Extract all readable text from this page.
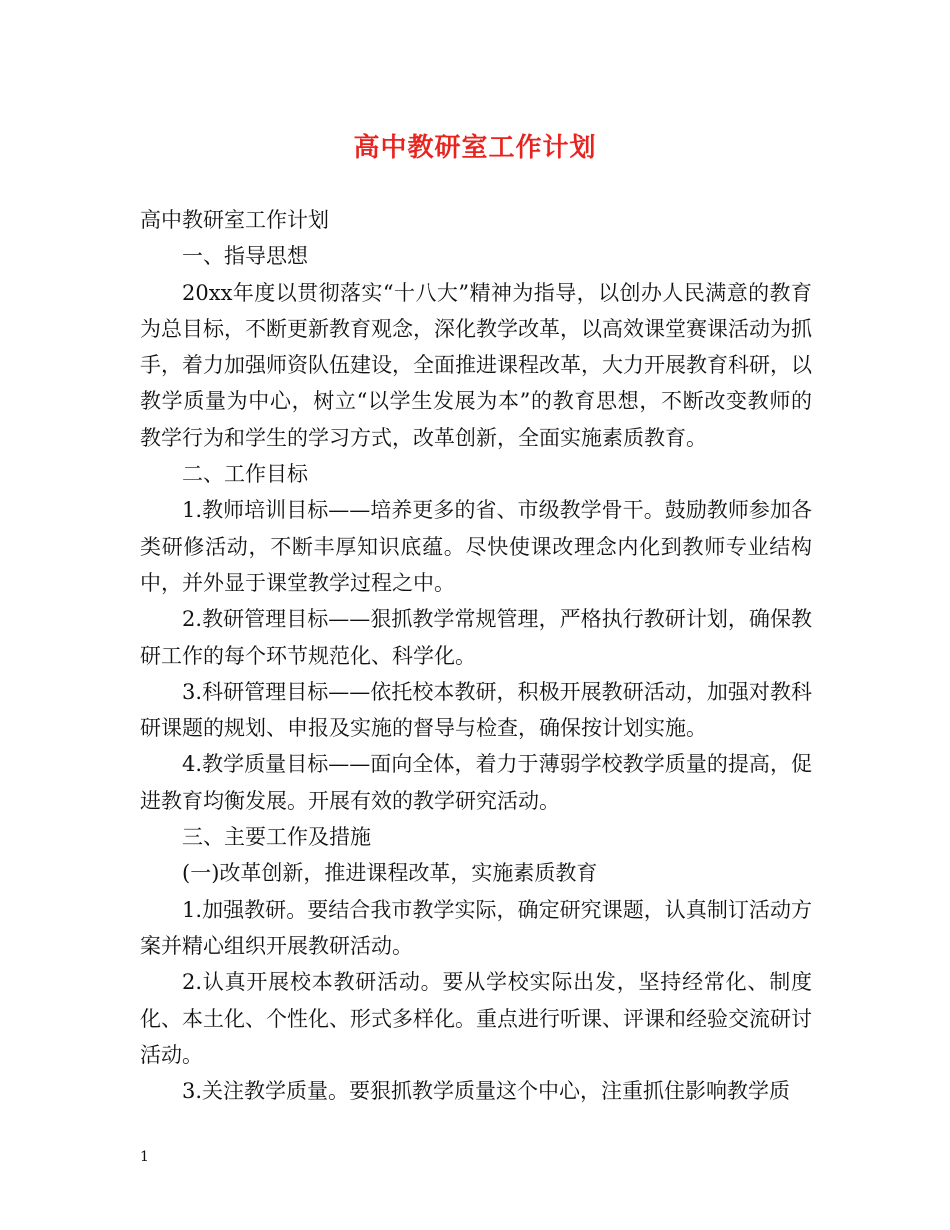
高中教研室工作计划

高中教研室工作计划

一、指导思想

20xx年度以贯彻落实“十八大”精神为指导，以创办人民满意的教育为总目标，不断更新教育观念，深化教学改革，以高效课堂赛课活动为抓手，着力加强师资队伍建设，全面推进课程改革，大力开展教育科研，以教学质量为中心，树立“以学生发展为本”的教育思想，不断改变教师的教学行为和学生的学习方式，改革创新，全面实施素质教育。

二、工作目标

1.教师培训目标——培养更多的省、市级教学骨干。鼓励教师参加各类研修活动，不断丰厚知识底蕴。尽快使课改理念内化到教师专业结构中，并外显于课堂教学过程之中。

2.教研管理目标——狠抓教学常规管理，严格执行教研计划，确保教研工作的每个环节规范化、科学化。

3.科研管理目标——依托校本教研，积极开展教研活动，加强对教科研课题的规划、申报及实施的督导与检查，确保按计划实施。

4.教学质量目标——面向全体，着力于薄弱学校教学质量的提高，促进教育均衡发展。开展有效的教学研究活动。

三、主要工作及措施

(一)改革创新，推进课程改革，实施素质教育

1.加强教研。要结合我市教学实际，确定研究课题，认真制订活动方案并精心组织开展教研活动。

2.认真开展校本教研活动。要从学校实际出发，坚持经常化、制度化、本土化、个性化、形式多样化。重点进行听课、评课和经验交流研讨活动。

3.关注教学质量。要狠抓教学质量这个中心，注重抓住影响教学质

1
